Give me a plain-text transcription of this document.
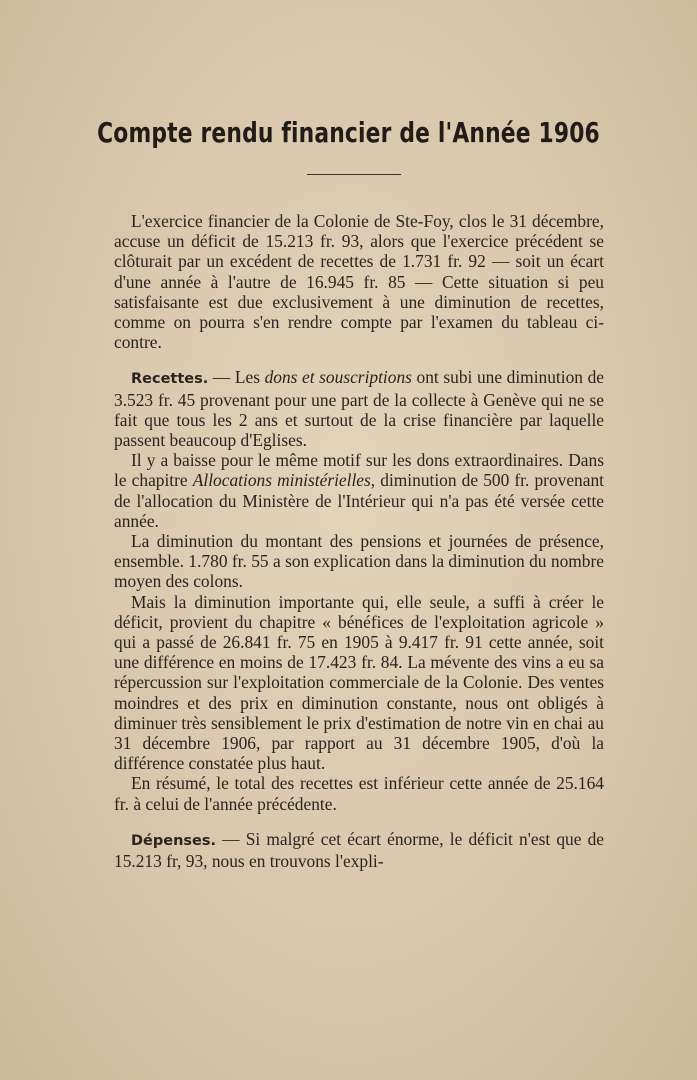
Compte rendu financier de l'Année 1906

L'exercice financier de la Colonie de Ste-Foy, clos le 31 décembre, accuse un déficit de 15.213 fr. 93, alors que l'exercice précédent se clôturait par un excédent de recettes de 1.731 fr. 92 — soit un écart d'une année à l'autre de 16.945 fr. 85 — Cette situation si peu satisfaisante est due exclusivement à une diminution de recettes, comme on pourra s'en rendre compte par l'examen du tableau ci-contre.

Recettes. — Les dons et souscriptions ont subi une diminution de 3.523 fr. 45 provenant pour une part de la collecte à Genève qui ne se fait que tous les 2 ans et surtout de la crise financière par laquelle passent beaucoup d'Eglises.

Il y a baisse pour le même motif sur les dons extraordinaires. Dans le chapitre Allocations ministérielles, diminution de 500 fr. provenant de l'allocation du Ministère de l'Intérieur qui n'a pas été versée cette année.

La diminution du montant des pensions et journées de présence, ensemble. 1.780 fr. 55 a son explication dans la diminution du nombre moyen des colons.

Mais la diminution importante qui, elle seule, a suffi à créer le déficit, provient du chapitre « bénéfices de l'exploitation agricole » qui a passé de 26.841 fr. 75 en 1905 à 9.417 fr. 91 cette année, soit une différence en moins de 17.423 fr. 84. La mévente des vins a eu sa répercussion sur l'exploitation commerciale de la Colonie. Des ventes moindres et des prix en diminution constante, nous ont obligés à diminuer très sensiblement le prix d'estimation de notre vin en chai au 31 décembre 1906, par rapport au 31 décembre 1905, d'où la différence constatée plus haut.

En résumé, le total des recettes est inférieur cette année de 25.164 fr. à celui de l'année précédente.

Dépenses. — Si malgré cet écart énorme, le déficit n'est que de 15.213 fr, 93, nous en trouvons l'expli-
